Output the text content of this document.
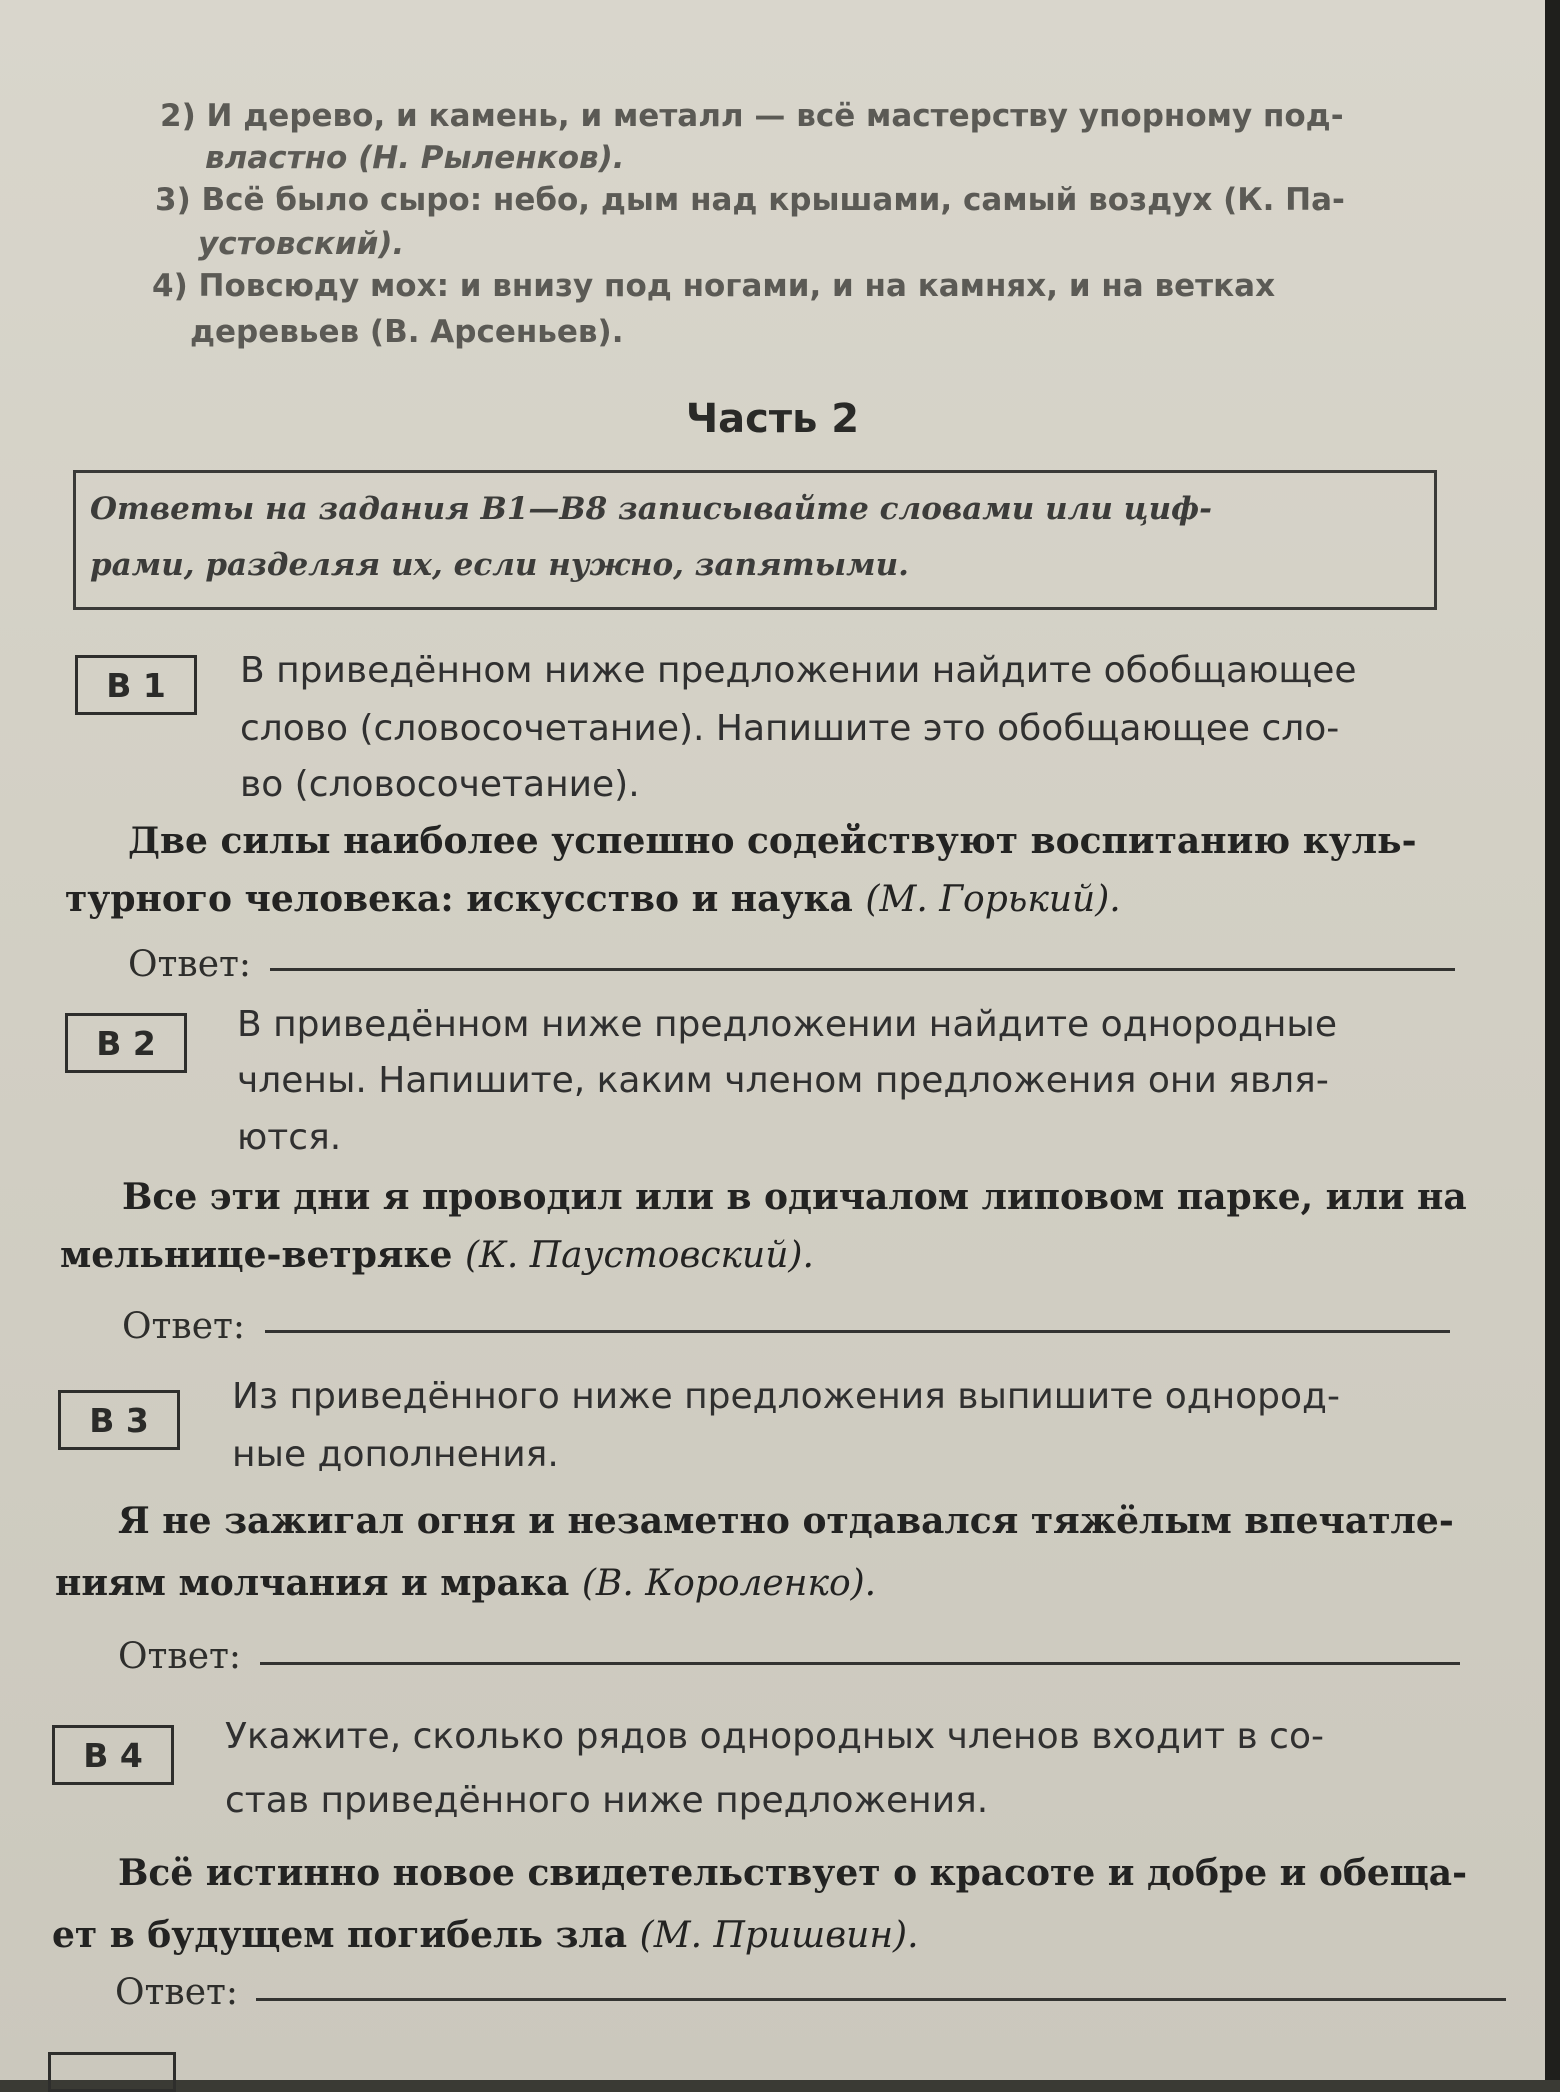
2) И дерево, и камень, и металл — всё мастерству упорному под-
властно (Н. Рыленков).
3) Всё было сыро: небо, дым над крышами, самый воздух (К. Па-
устовский).
4) Повсюду мох: и внизу под ногами, и на камнях, и на ветках
деревьев (В. Арсеньев).
Часть 2
Ответы на задания В1—В8 записывайте словами или циф-
рами, разделяя их, если нужно, запятыми.
В 1	В приведённом ниже предложении найдите обобщающее
слово (словосочетание). Напишите это обобщающее сло-
во (словосочетание).
Две силы наиболее успешно содействуют воспитанию куль-
турного человека: искусство и наука (М. Горький).
Ответ:
В 2	В приведённом ниже предложении найдите однородные
члены. Напишите, каким членом предложения они явля-
ются.
Все эти дни я проводил или в одичалом липовом парке, или на
мельнице-ветряке (К. Паустовский).
Ответ:
В 3
Из приведённого ниже предложения выпишите однород-
ные дополнения.
Я не зажигал огня и незаметно отдавался тяжёлым впечатле-
ниям молчания и мрака (В. Короленко).
Ответ:
В 4	Укажите, сколько рядов однородных членов входит в со-
став приведённого ниже предложения.
Всё истинно новое свидетельствует о красоте и добре и обеща-
ет в будущем погибель зла (М. Пришвин).
Ответ:
